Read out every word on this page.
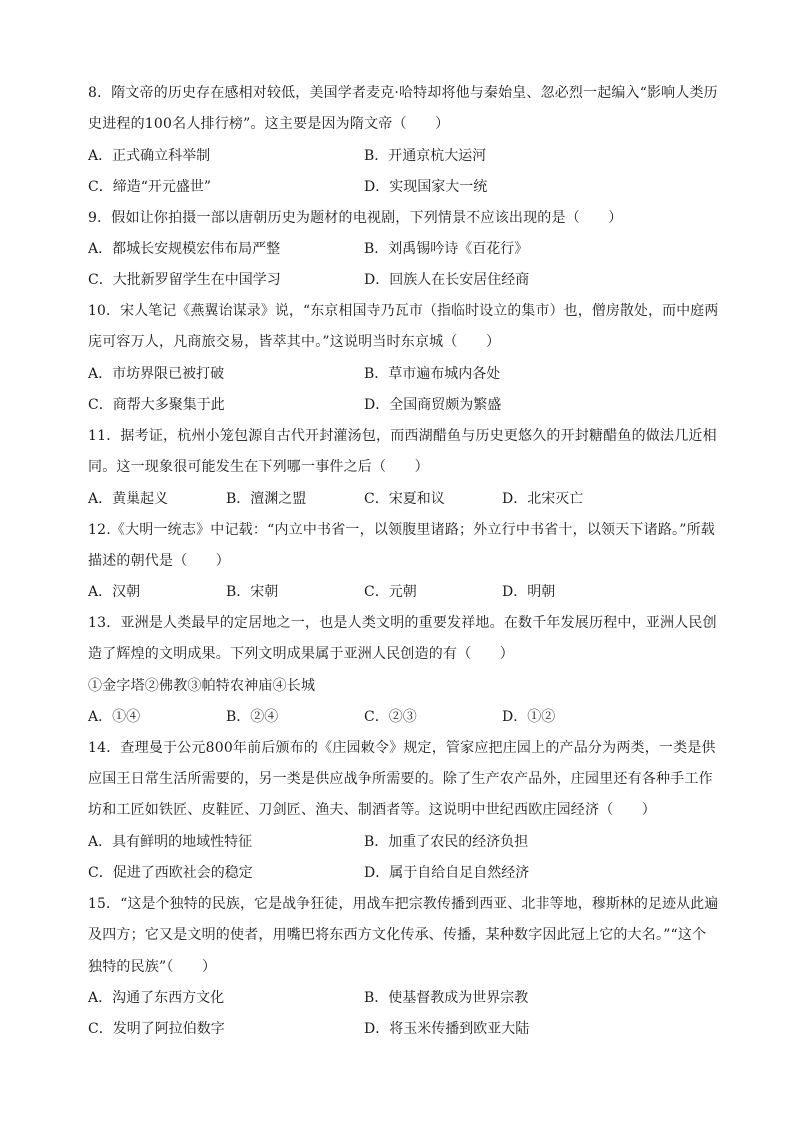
8．隋文帝的历史存在感相对较低，美国学者麦克·哈特却将他与秦始皇、忽必烈一起编入“影响人类历
史进程的100名人排行榜”。这主要是因为隋文帝（　　）
A．正式确立科举制	B．开通京杭大运河
C．缔造“开元盛世”	D．实现国家大一统
9．假如让你拍摄一部以唐朝历史为题材的电视剧，下列情景不应该出现的是（　　）
A．都城长安规模宏伟布局严整	B．刘禹锡吟诗《百花行》
C．大批新罗留学生在中国学习	D．回族人在长安居住经商
10．宋人笔记《燕翼诒谋录》说，“东京相国寺乃瓦市（指临时设立的集市）也，僧房散处，而中庭两
庑可容万人，凡商旅交易，皆萃其中。”这说明当时东京城（　　）
A．市坊界限已被打破	B．草市遍布城内各处
C．商帮大多聚集于此	D．全国商贸颇为繁盛
11．据考证，杭州小笼包源自古代开封灌汤包，而西湖醋鱼与历史更悠久的开封糖醋鱼的做法几近相
同。这一现象很可能发生在下列哪一事件之后（　　）
A．黄巢起义	B．澶渊之盟	C．宋夏和议	D．北宋灭亡
12.《大明一统志》中记载：“内立中书省一，以领腹里诸路；外立行中书省十，以领天下诸路。”所载
描述的朝代是（　　）
A．汉朝	B．宋朝	C．元朝	D．明朝
13．亚洲是人类最早的定居地之一，也是人类文明的重要发祥地。在数千年发展历程中，亚洲人民创
造了辉煌的文明成果。下列文明成果属于亚洲人民创造的有（　　）
①金字塔②佛教③帕特农神庙④长城
A．①④	B．②④	C．②③	D．①②
14．查理曼于公元800年前后颁布的《庄园敕令》规定，管家应把庄园上的产品分为两类，一类是供
应国王日常生活所需要的，另一类是供应战争所需要的。除了生产农产品外，庄园里还有各种手工作
坊和工匠如铁匠、皮鞋匠、刀剑匠、渔夫、制酒者等。这说明中世纪西欧庄园经济（　　）
A．具有鲜明的地域性特征	B．加重了农民的经济负担
C．促进了西欧社会的稳定	D．属于自给自足自然经济
15．“这是个独特的民族，它是战争狂徒，用战车把宗教传播到西亚、北非等地，穆斯林的足迹从此遍
及四方；它又是文明的使者，用嘴巴将东西方文化传承、传播，某种数字因此冠上它的大名。”“这个
独特的民族”（　　）
A．沟通了东西方文化	B．使基督教成为世界宗教
C．发明了阿拉伯数字	D．将玉米传播到欧亚大陆
